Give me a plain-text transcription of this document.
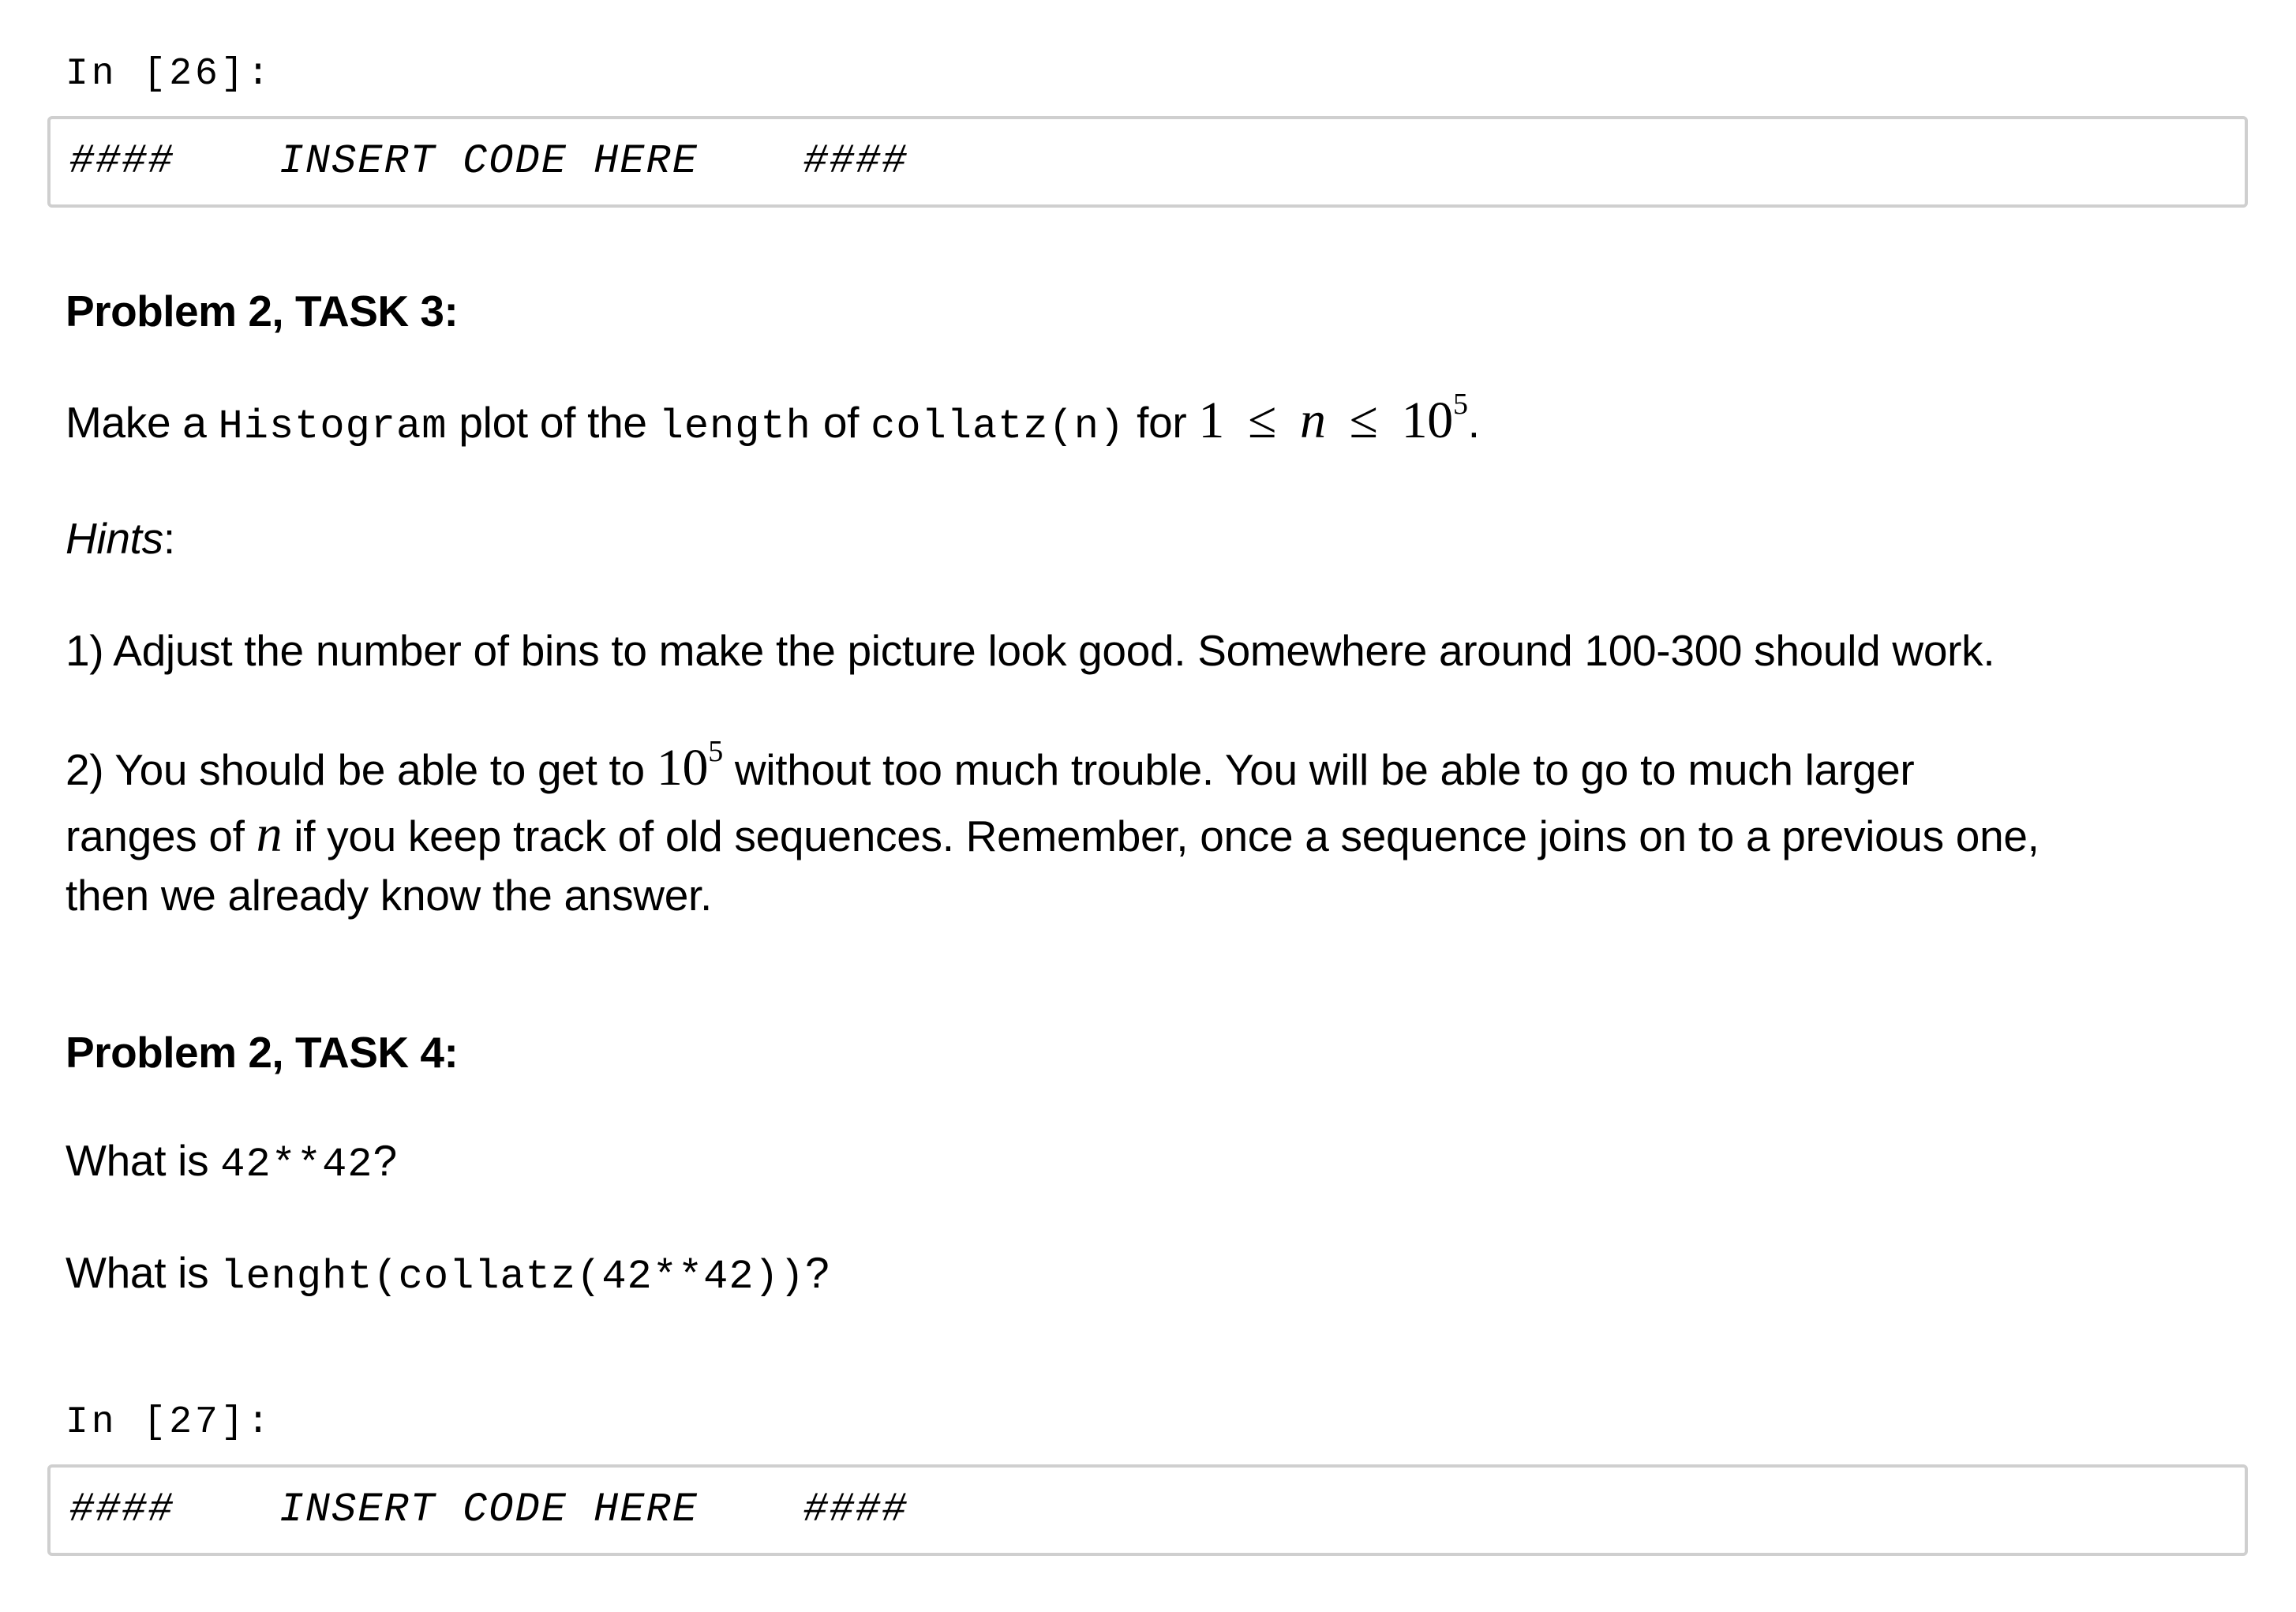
In [26]:
####    INSERT CODE HERE    ####
Problem 2, TASK 3:
Make a Histogram plot of the length of collatz(n) for $1 \le n \le 10^5$.
Hints:
1) Adjust the number of bins to make the picture look good. Somewhere around 100-300 should work.
2) You should be able to get to $10^5$ without too much trouble. You will be able to go to much larger
ranges of n if you keep track of old sequences. Remember, once a sequence joins on to a previous one,
then we already know the answer.
Problem 2, TASK 4:
What is 42**42?
What is lenght(collatz(42**42))?
In [27]:
####    INSERT CODE HERE    ####
